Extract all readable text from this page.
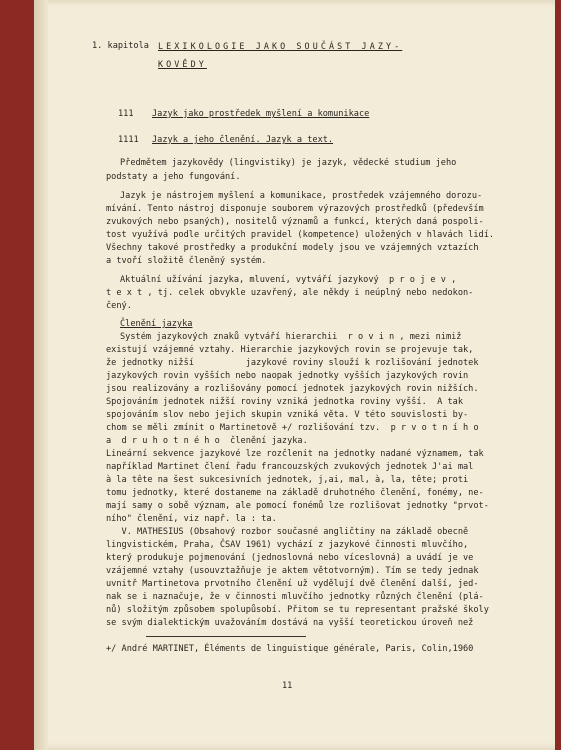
1. kapitola LEXIKOLOGIE JAKO SOUČÁST JAZY-
KOVĚDY
111 Jazyk jako prostředek myšlení a komunikace
1111 Jazyk a jeho členění. Jazyk a text.
Předmětem jazykovědy (lingvistiky) je jazyk, vědecké studium jeho
podstaty a jeho fungování.
Jazyk je nástrojem myšlení a komunikace, prostředek vzájemného dorozu-
mívání. Tento nástroj disponuje souborem výrazových prostředků (především
zvukových nebo psaných), nositelů významů a funkcí, kterých daná pospoli-
tost využívá podle určitých pravidel (kompetence) uložených v hlavách lidí.
Všechny takové prostředky a produkční modely jsou ve vzájemných vztazích
a tvoří složitě členěný systém.
Aktuální užívání jazyka, mluvení, vytváří jazykový  p r o j e v ,
t e x t , tj. celek obvykle uzavřený, ale někdy i neúplný nebo nedokon-
čený.
Členění jazyka
Systém jazykových znaků vytváří hierarchii  r o v i n , mezi nimiž
existují vzájemné vztahy. Hierarchie jazykových rovin se projevuje tak,
že jednotky nižší          jazykové roviny slouží k rozlišování jednotek
jazykových rovin vyšších nebo naopak jednotky vyšších jazykových rovin
jsou realizovány a rozlišovány pomocí jednotek jazykových rovin nižších.
Spojováním jednotek nižší roviny vzniká jednotka roviny vyšší.  A tak
spojováním slov nebo jejich skupin vzniká věta. V této souvislosti by-
chom se měli zmínit o Martinetově +/ rozlišování tzv.  p r v o t n í h o
a  d r u h o t n é h o  členění jazyka.
Lineární sekvence jazykové lze rozčlenit na jednotky nadané významem, tak
například Martinet člení řadu francouzských zvukových jednotek J'ai mal
à la tête na šest sukcesivních jednotek, j,ai, mal, à, la, tête; proti
tomu jednotky, které dostaneme na základě druhotného členění, fonémy, ne-
mají samy o sobě význam, ale pomocí fonémů lze rozlišovat jednotky "prvot-
níhо" členění, viz např. la : ta.
V. MATHESIUS (Obsahový rozbor současné angličtiny na základě obecně
lingvistickém, Praha, ČSAV 1961) vychází z jazykové činnosti mluvčího,
který produkuje pojmenování (jednoslovná nebo víceslovná) a uvádí je ve
vzájemné vztahy (usouvztažňuje je aktem větotvorným). Tím se tedy jednak
uvnitř Martinetova prvotního členění už vydělují dvě členění další, jed-
nak se i naznačuje, že v činnosti mluvčího jednotky různých členění (plá-
nů) složitým způsobem spolupůsobí. Přitom se tu representant pražské školy
se svým dialektickým uvažováním dostává na vyšší teoretickou úroveň než
+/ André MARTINET, Éléments de linguistique générale, Paris, Colin,1960
11
